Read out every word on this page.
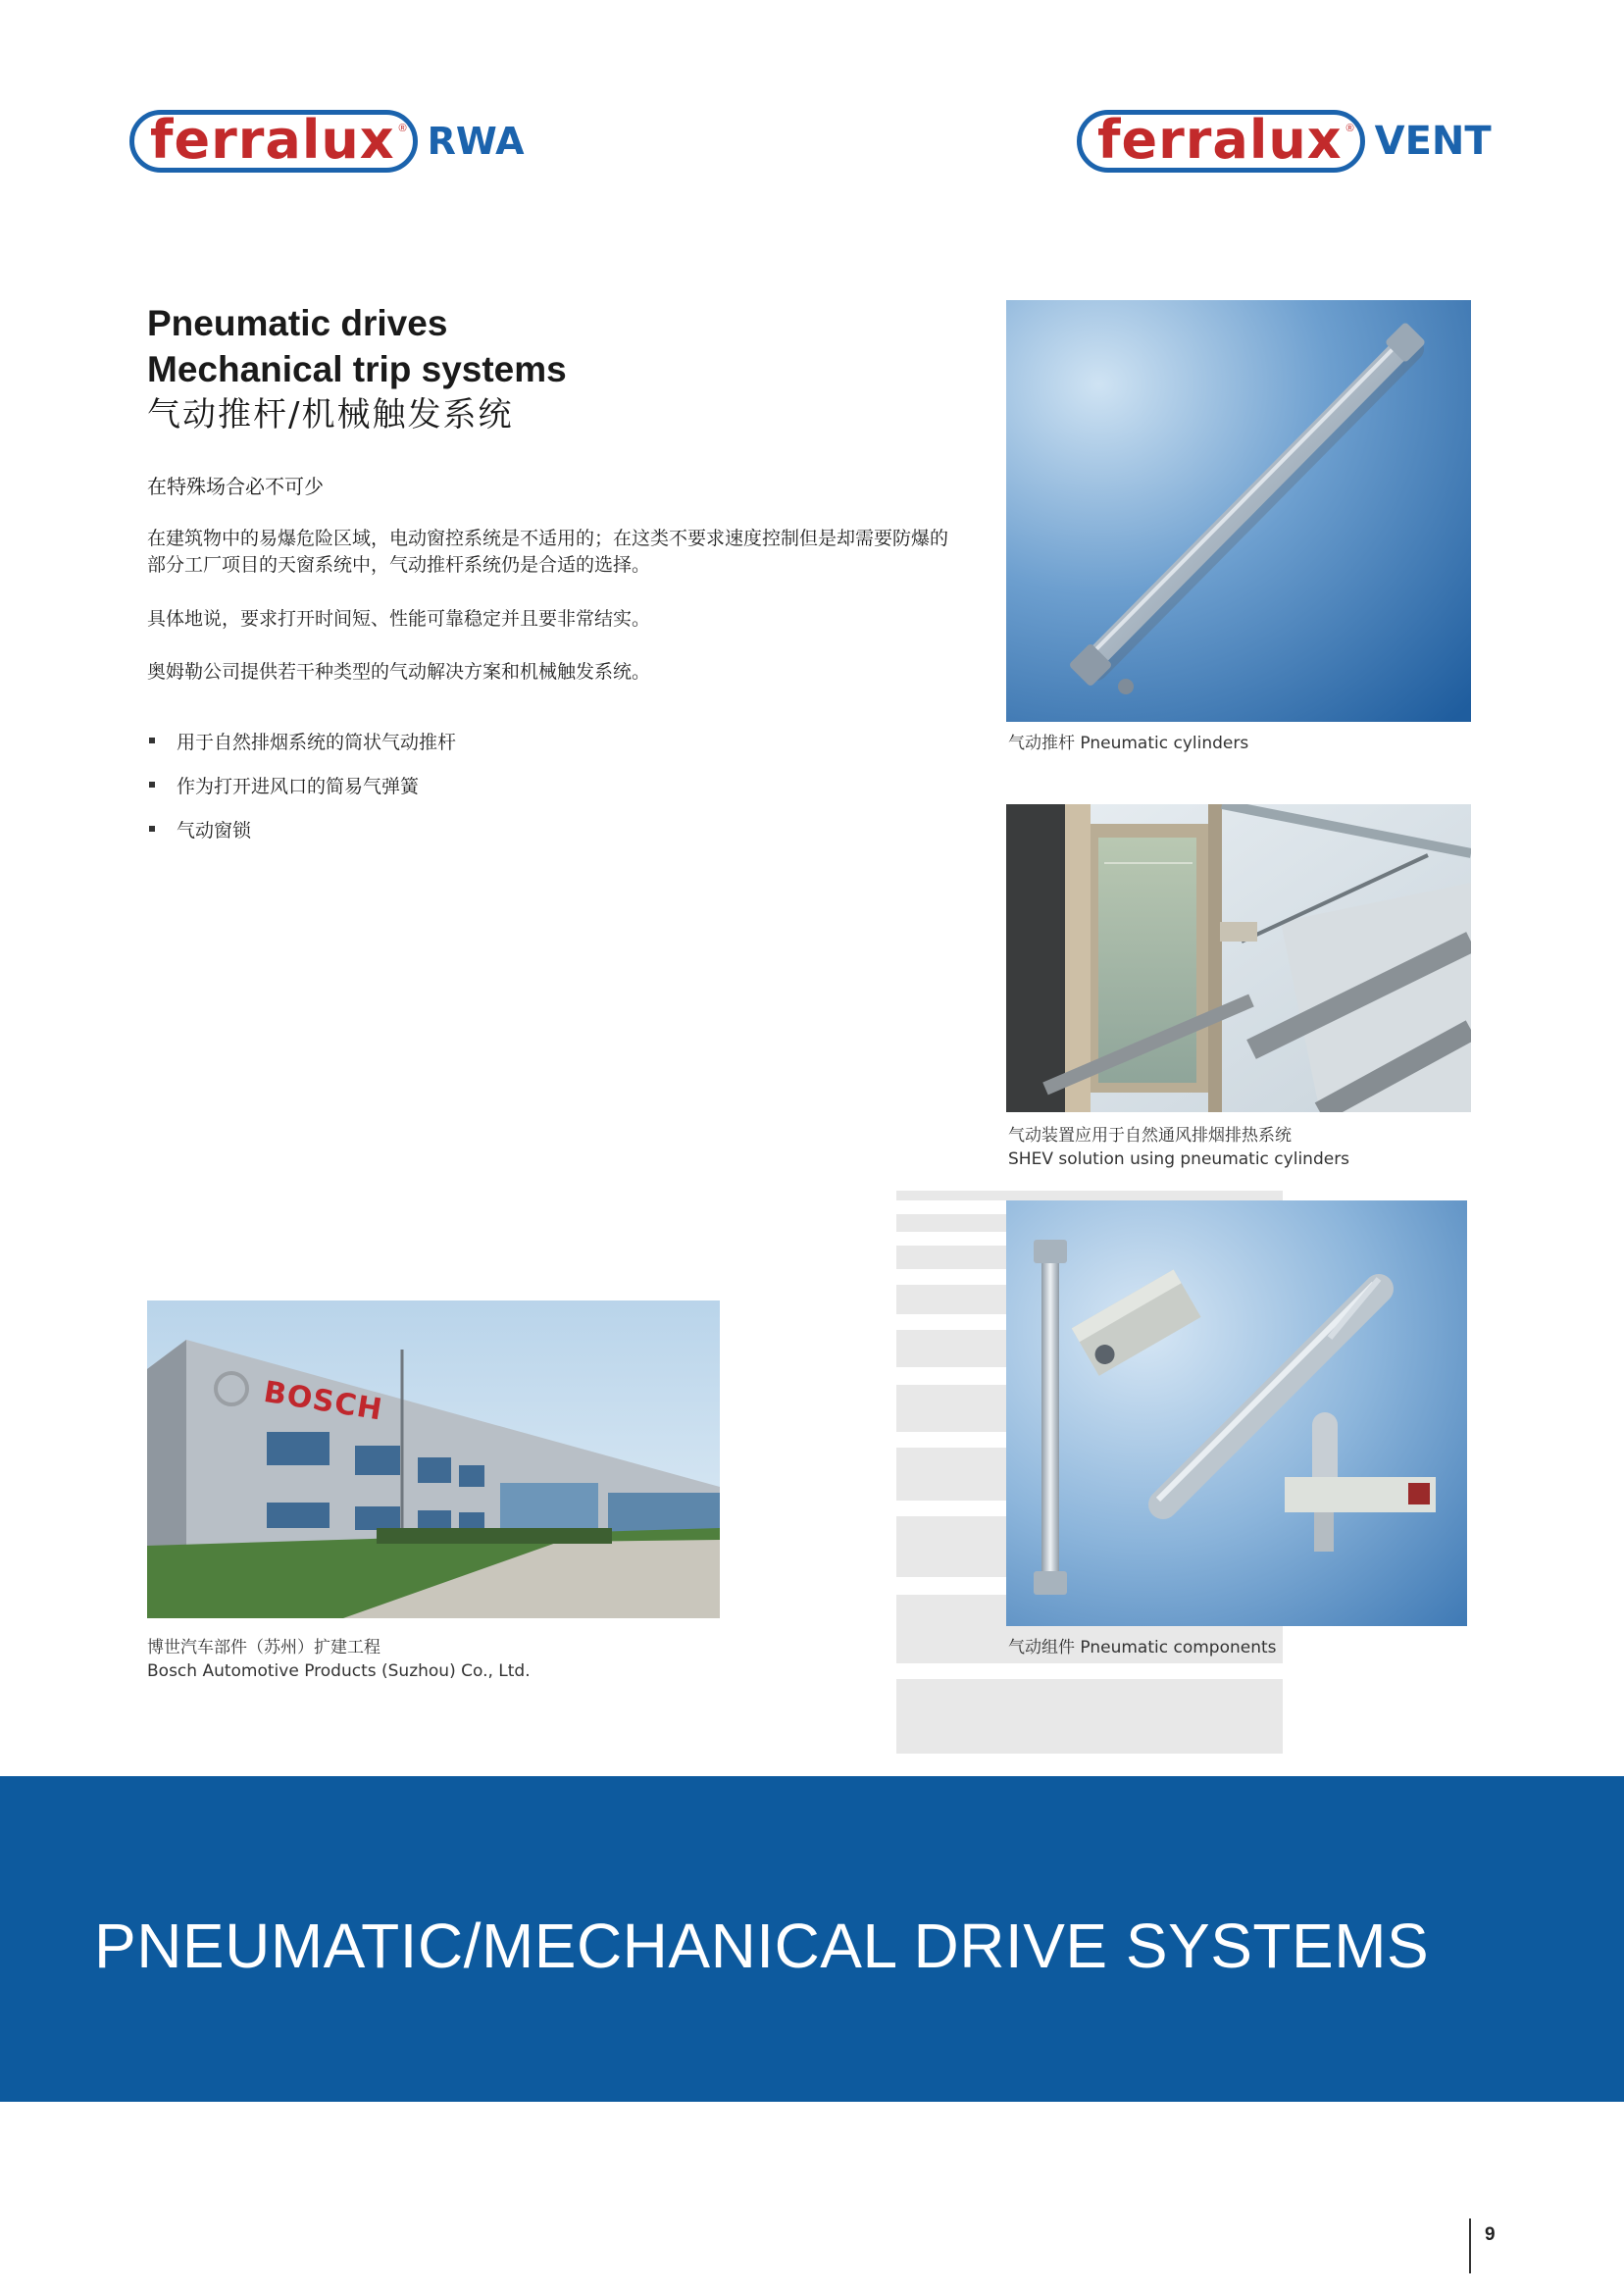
ferralux ® RWA	ferralux ® VENT
Pneumatic drives
Mechanical trip systems
气动推杆/机械触发系统
在特殊场合必不可少
在建筑物中的易爆危险区域，电动窗控系统是不适用的；在这类不要求速度控制但是却需要防爆的部分工厂项目的天窗系统中，气动推杆系统仍是合适的选择。
具体地说，要求打开时间短、性能可靠稳定并且要非常结实。
奥姆勒公司提供若干种类型的气动解决方案和机械触发系统。
用于自然排烟系统的筒状气动推杆
作为打开进风口的简易气弹簧
气动窗锁
气动推杆 Pneumatic cylinders
气动装置应用于自然通风排烟排热系统
SHEV solution using pneumatic cylinders
气动组件 Pneumatic components
BOSCH
博世汽车部件（苏州）扩建工程
Bosch Automotive Products (Suzhou) Co., Ltd.
PNEUMATIC/MECHANICAL DRIVE SYSTEMS
9
